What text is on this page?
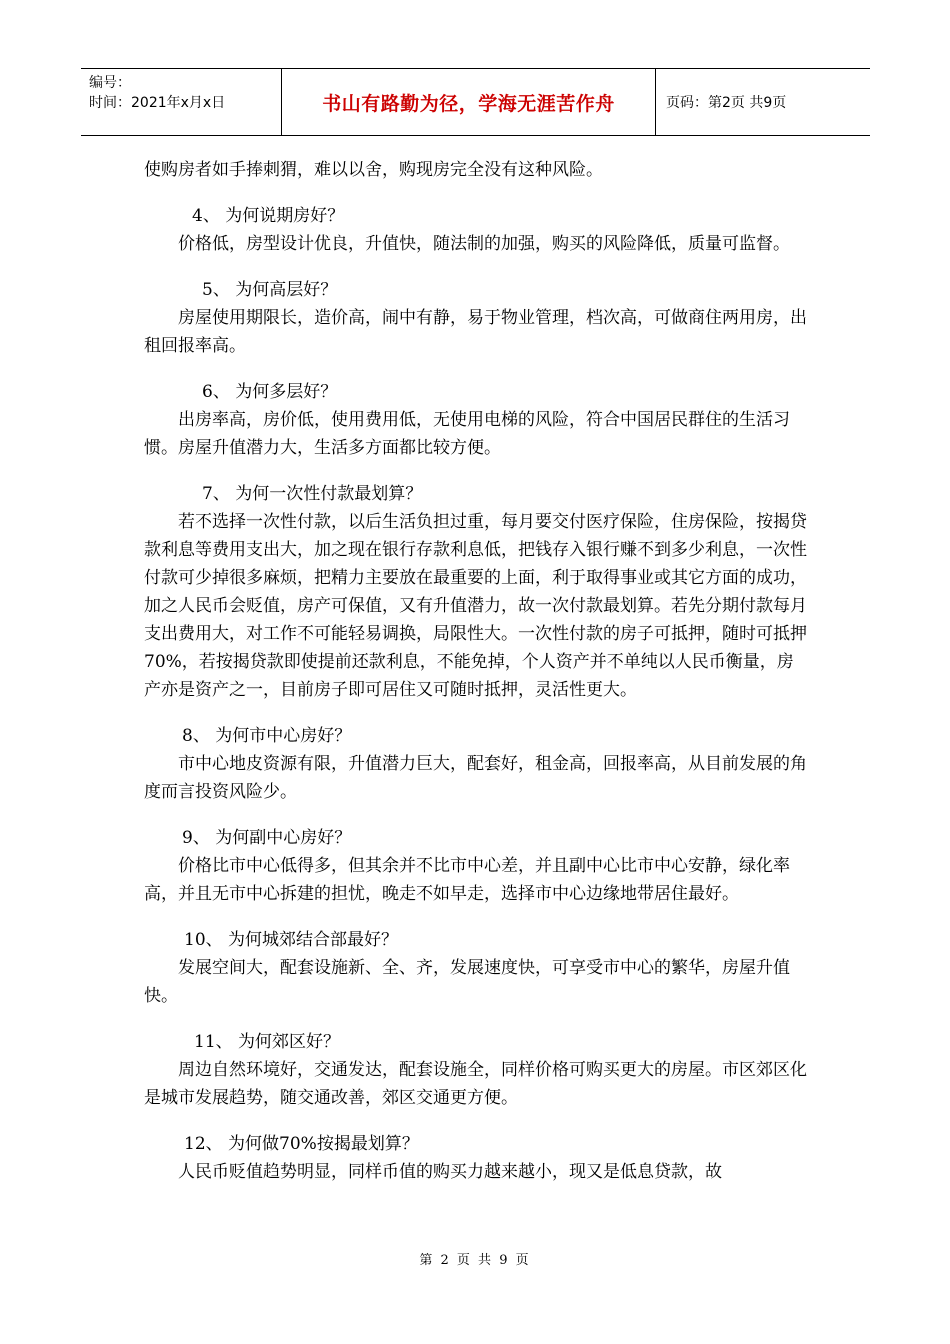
编号：
时间：2021年x月x日	书山有路勤为径，学海无涯苦作舟	页码：第2页 共9页

使购房者如手捧刺猬，难以以舍，购现房完全没有这种风险。

4、 为何说期房好？

价格低，房型设计优良，升值快，随法制的加强，购买的风险降低，质量可监督。

5、 为何高层好？

房屋使用期限长，造价高，闹中有静，易于物业管理，档次高，可做商住两用房，出租回报率高。

6、 为何多层好？

出房率高，房价低，使用费用低，无使用电梯的风险，符合中国居民群住的生活习惯。房屋升值潜力大，生活多方面都比较方便。

7、 为何一次性付款最划算？

若不选择一次性付款，以后生活负担过重，每月要交付医疗保险，住房保险，按揭贷款利息等费用支出大，加之现在银行存款利息低，把钱存入银行赚不到多少利息，一次性付款可少掉很多麻烦，把精力主要放在最重要的上面，利于取得事业或其它方面的成功，加之人民币会贬值，房产可保值，又有升值潜力，故一次付款最划算。若先分期付款每月支出费用大，对工作不可能轻易调换，局限性大。一次性付款的房子可抵押，随时可抵押70%，若按揭贷款即使提前还款利息，不能免掉，个人资产并不单纯以人民币衡量，房产亦是资产之一，目前房子即可居住又可随时抵押，灵活性更大。

8、 为何市中心房好？

市中心地皮资源有限，升值潜力巨大，配套好，租金高，回报率高，从目前发展的角度而言投资风险少。

9、 为何副中心房好？

价格比市中心低得多，但其余并不比市中心差，并且副中心比市中心安静，绿化率高，并且无市中心拆建的担忧，晚走不如早走，选择市中心边缘地带居住最好。

10、 为何城郊结合部最好？

发展空间大，配套设施新、全、齐，发展速度快，可享受市中心的繁华，房屋升值快。

11、 为何郊区好？

周边自然环境好，交通发达，配套设施全，同样价格可购买更大的房屋。市区郊区化是城市发展趋势，随交通改善，郊区交通更方便。

12、 为何做70%按揭最划算？

人民币贬值趋势明显，同样币值的购买力越来越小，现又是低息贷款，故

第 2 页 共 9 页
